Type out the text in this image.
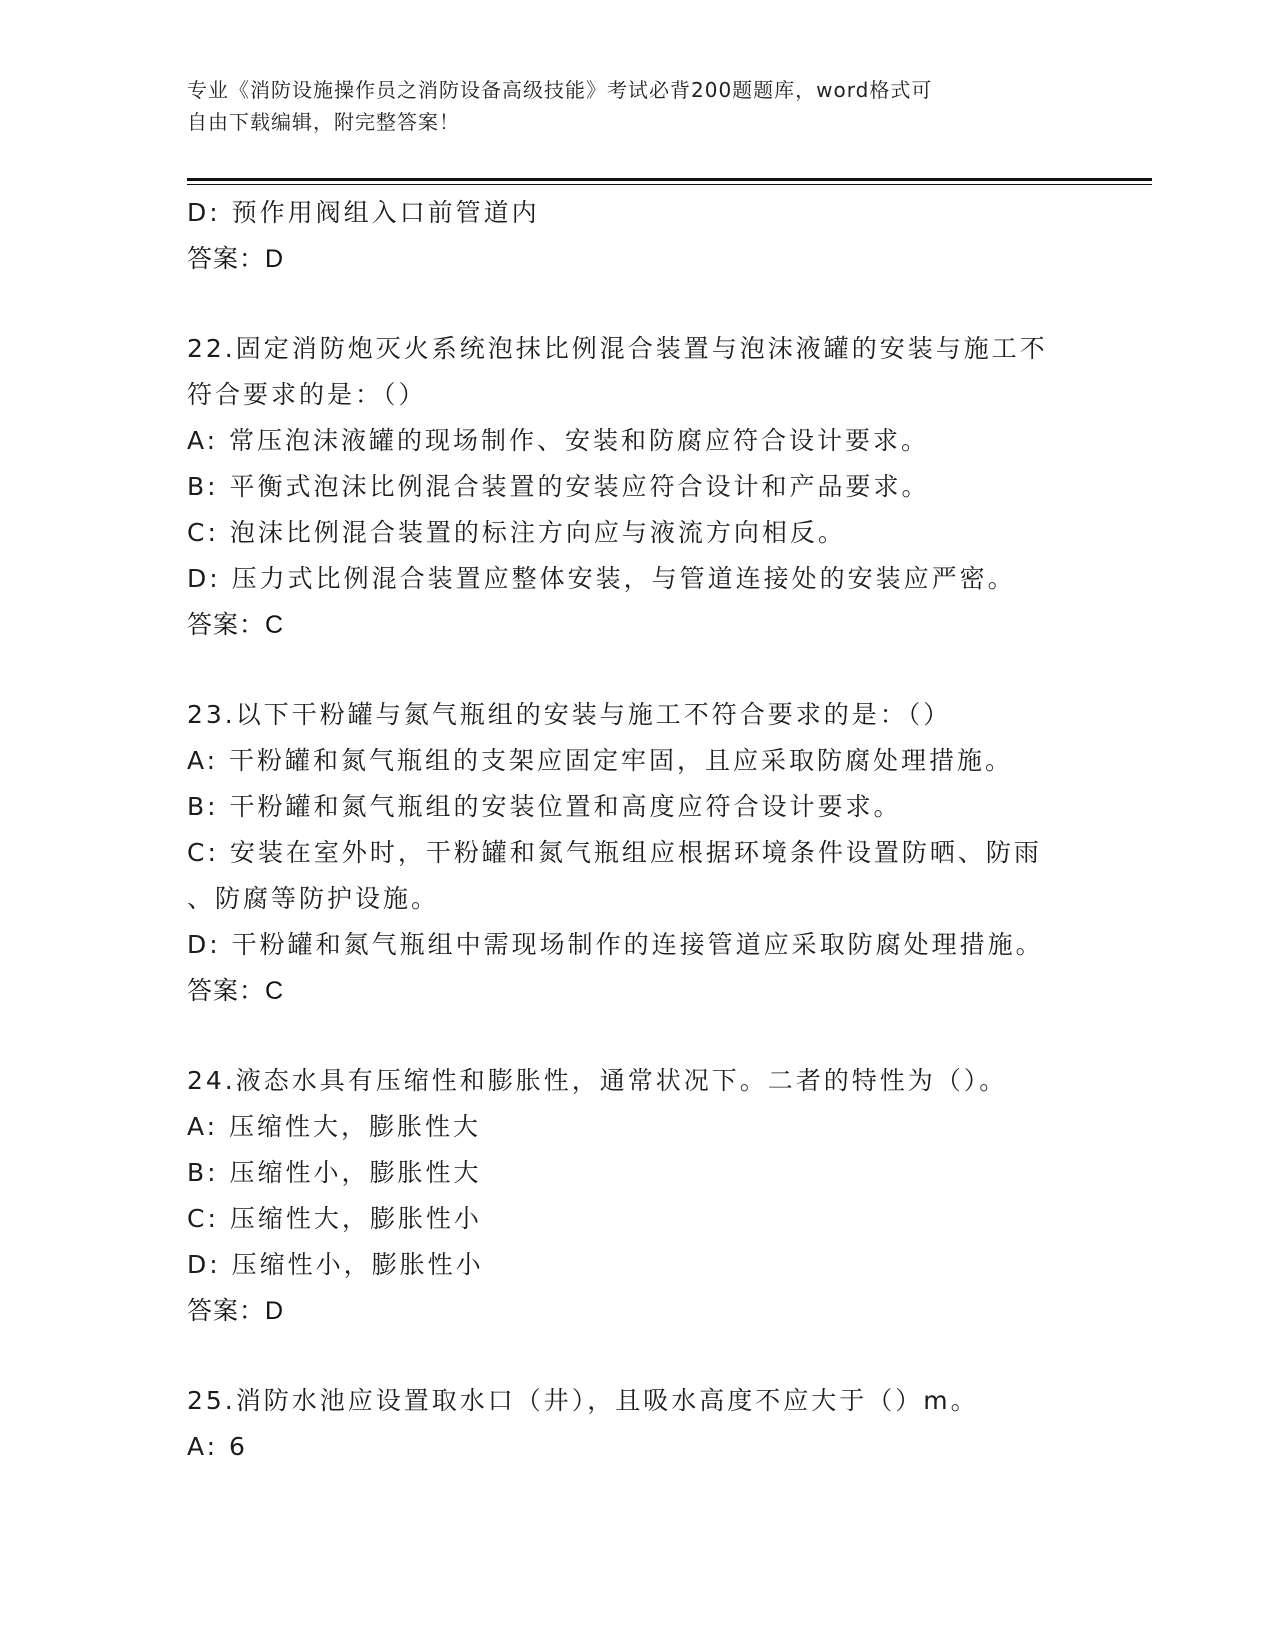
专业《消防设施操作员之消防设备高级技能》考试必背200题题库，word格式可
自由下载编辑，附完整答案！
D: 预作用阀组入口前管道内
答案：D
22.固定消防炮灭火系统泡抹比例混合装置与泡沫液罐的安装与施工不
符合要求的是：（）
A: 常压泡沫液罐的现场制作、安装和防腐应符合设计要求。
B: 平衡式泡沫比例混合装置的安装应符合设计和产品要求。
C: 泡沫比例混合装置的标注方向应与液流方向相反。
D: 压力式比例混合装置应整体安装，与管道连接处的安装应严密。
答案：C
23.以下干粉罐与氮气瓶组的安装与施工不符合要求的是：（）
A: 干粉罐和氮气瓶组的支架应固定牢固，且应采取防腐处理措施。
B: 干粉罐和氮气瓶组的安装位置和高度应符合设计要求。
C: 安装在室外时，干粉罐和氮气瓶组应根据环境条件设置防晒、防雨
、防腐等防护设施。
D: 干粉罐和氮气瓶组中需现场制作的连接管道应采取防腐处理措施。
答案：C
24.液态水具有压缩性和膨胀性，通常状况下。二者的特性为（）。
A: 压缩性大，膨胀性大
B: 压缩性小，膨胀性大
C: 压缩性大，膨胀性小
D: 压缩性小，膨胀性小
答案：D
25.消防水池应设置取水口（井），且吸水高度不应大于（）m。
A: 6
